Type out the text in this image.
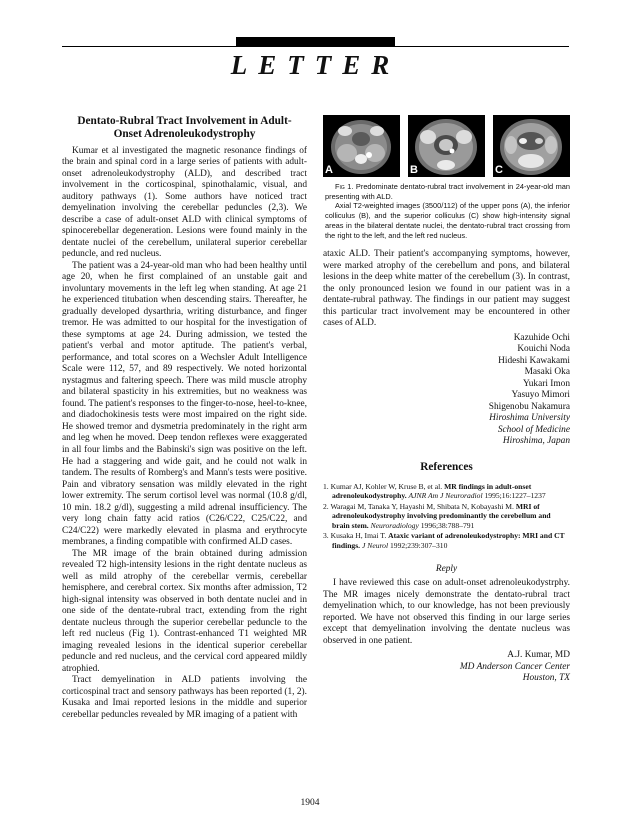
LETTER
Dentato-Rubral Tract Involvement in Adult-Onset Adrenoleukodystrophy

Kumar et al investigated the magnetic resonance findings of the brain and spinal cord in a large series of patients with adult-onset adrenoleukodystrophy (ALD), and described tract involvement in the corticospinal, spinothalamic, visual, and auditory pathways (1). Some authors have noticed tract demyelination involving the cerebellar peduncles (2,3). We describe a case of adult-onset ALD with clinical symptoms of spinocerebellar degeneration. Lesions were found mainly in the dentate nuclei of the cerebellum, unilateral superior cerebellar peduncle, and red nucleus.

The patient was a 24-year-old man who had been healthy until age 20, when he first complained of an unstable gait and involuntary movements in the left leg when standing. At age 21 he experienced titubation when descending stairs. Thereafter, he gradually developed dysarthria, writing disturbance, and finger tremor. He was admitted to our hospital for the investigation of these symptoms at age 24. During admission, we tested the patient's verbal and motor aptitude. The patient's verbal, performance, and total scores on a Wechsler Adult Intelligence Scale were 112, 57, and 89 respectively. We noted horizontal nystagmus and faltering speech. There was mild muscle atrophy and bilateral spasticity in his extremities, but no weakness was found. The patient's responses to the finger-to-nose, heel-to-knee, and diadochokinesis tests were most impaired on the right side. He showed tremor and dysmetria predominately in the right arm and leg when he moved. Deep tendon reflexes were exaggerated in all four limbs and the Babinski's sign was positive on the left. He had a staggering and wide gait, and he could not walk in tandem. The results of Romberg's and Mann's tests were positive. Pain and vibratory sensation was mildly elevated in the right lower extremity. The serum cortisol level was normal (10.8 g/dl, 10 min. 18.2 g/dl), suggesting a mild adrenal insufficiency. The very long chain fatty acid ratios (C26/C22, C25/C22, and C24/C22) were markedly elevated in plasma and erythrocyte membranes, a finding compatible with confirmed ALD cases.

The MR image of the brain obtained during admission revealed T2 high-intensity lesions in the right dentate nucleus as well as mild atrophy of the cerebellar vermis, cerebellar hemisphere, and cerebral cortex. Six months after admission, T2 high-signal intensity was observed in both dentate nuclei and in one side of the dentate-rubral tract, extending from the right dentate nucleus through the superior cerebellar peduncle to the left red nucleus (Fig 1). Contrast-enhanced T1 weighted MR imaging revealed lesions in the identical superior cerebellar peduncle and red nucleus, and the cervical cord appeared mildly atrophied.

Tract demyelination in ALD patients involving the corticospinal tract and sensory pathways has been reported (1, 2). Kusaka and Imai reported lesions in the middle and superior cerebellar peduncles revealed by MR imaging of a patient with

A	B	C
Fig 1. Predominate dentato-rubral tract involvement in 24-year-old man presenting with ALD.
Axial T2-weighted images (3500/112) of the upper pons (A), the inferior colliculus (B), and the superior colliculus (C) show high-intensity signal areas in the bilateral dentate nuclei, the dentato-rubral tract crossing from the right to the left, and the left red nucleus.

ataxic ALD. Their patient's accompanying symptoms, however, were marked atrophy of the cerebellum and pons, and bilateral lesions in the deep white matter of the cerebellum (3). In contrast, the only pronounced lesion we found in our patient was in a dentate-rubral pathway. The findings in our patient may suggest this particular tract involvement may be encountered in other cases of ALD.

Kazuhide Ochi

Kouichi Noda

Hideshi Kawakami

Masaki Oka

Yukari Imon

Yasuyo Mimori

Shigenobu Nakamura

Hiroshima University

School of Medicine

Hiroshima, Japan

References

1. Kumar AJ, Kohler W, Kruse B, et al. MR findings in adult-onset adrenoleukodystrophy. AJNR Am J Neuroradiol 1995;16:1227–1237

2. Waragai M, Tanaka Y, Hayashi M, Shibata N, Kobayashi M. MRI of adrenoleukodystrophy involving predominantly the cerebellum and brain stem. Neuroradiology 1996;38:788–791

3. Kusaka H, Imai T. Ataxic variant of adrenoleukodystrophy: MRI and CT findings. J Neurol 1992;239:307–310

Reply

I have reviewed this case on adult-onset adrenoleukodystrphy. The MR images nicely demonstrate the dentato-rubral tract demyelination which, to our knowledge, has not been previously reported. We have not observed this finding in our large series except that demyelination involving the dentate nucleus was observed in one patient.

A.J. Kumar, MD

MD Anderson Cancer Center

Houston, TX

1904
